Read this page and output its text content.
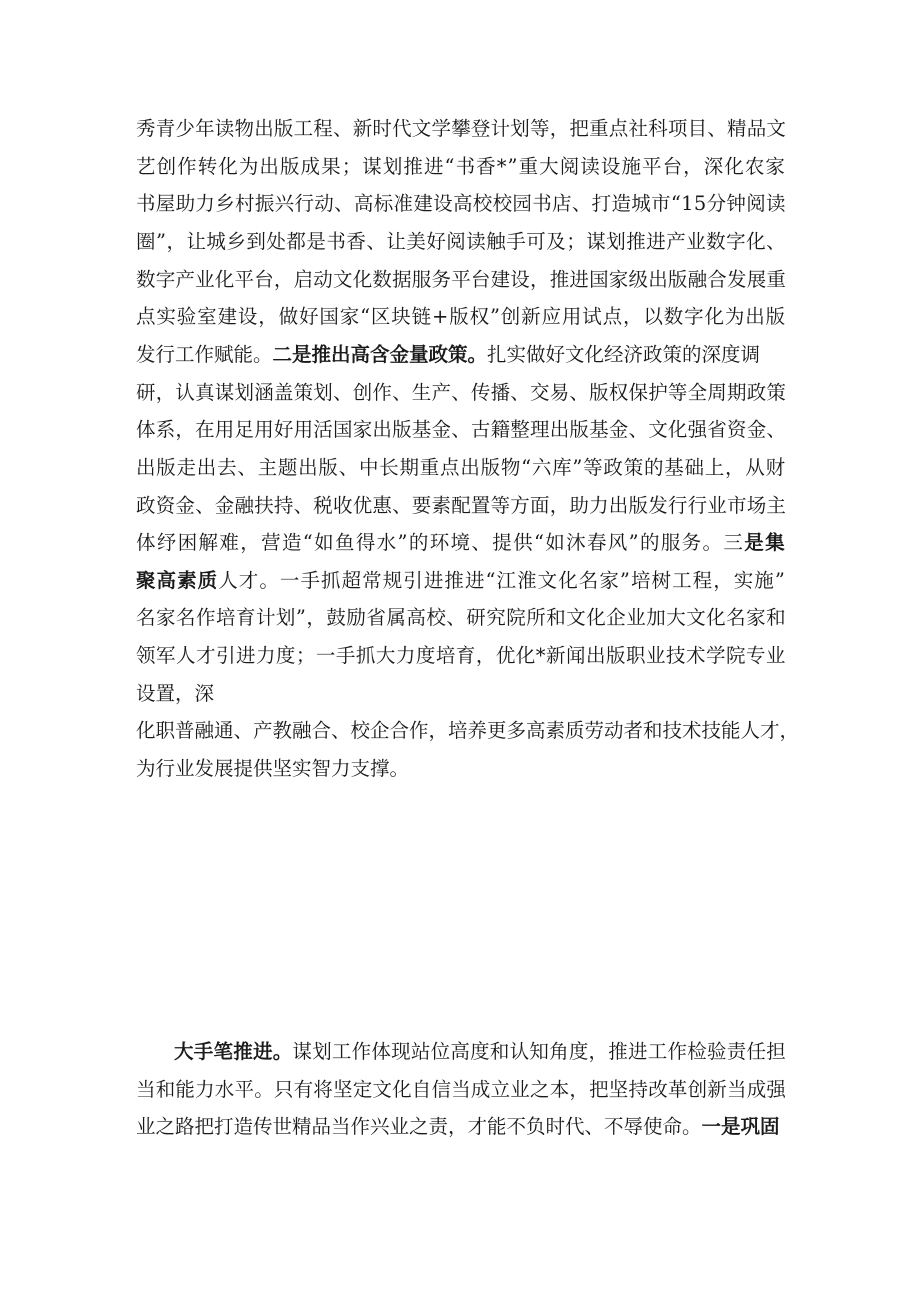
秀青少年读物出版工程、新时代文学攀登计划等，把重点社科项目、精品文
艺创作转化为出版成果；谋划推进“书香*”重大阅读设施平台，深化农家
书屋助力乡村振兴行动、高标准建设高校校园书店、打造城市“15分钟阅读
圈”，让城乡到处都是书香、让美好阅读触手可及；谋划推进产业数字化、
数字产业化平台，启动文化数据服务平台建设，推进国家级出版融合发展重
点实验室建设，做好国家“区块链+版权”创新应用试点，以数字化为出版
发行工作赋能。二是推出高含金量政策。扎实做好文化经济政策的深度调
研，认真谋划涵盖策划、创作、生产、传播、交易、版权保护等全周期政策
体系，在用足用好用活国家出版基金、古籍整理出版基金、文化强省资金、
出版走出去、主题出版、中长期重点出版物“六库”等政策的基础上，从财
政资金、金融扶持、税收优惠、要素配置等方面，助力出版发行行业市场主
体纾困解难，营造“如鱼得水”的环境、提供“如沐春风”的服务。三是集
聚高素质人才。一手抓超常规引进推进“江淮文化名家”培树工程，实施”
名家名作培育计划”，鼓励省属高校、研究院所和文化企业加大文化名家和
领军人才引进力度；一手抓大力度培育，优化*新闻出版职业技术学院专业
设置，深
化职普融通、产教融合、校企合作，培养更多高素质劳动者和技术技能人才，
为行业发展提供坚实智力支撑。
大手笔推进。谋划工作体现站位高度和认知角度，推进工作检验责任担
当和能力水平。只有将坚定文化自信当成立业之本，把坚持改革创新当成强
业之路把打造传世精品当作兴业之责，才能不负时代、不辱使命。一是巩固
